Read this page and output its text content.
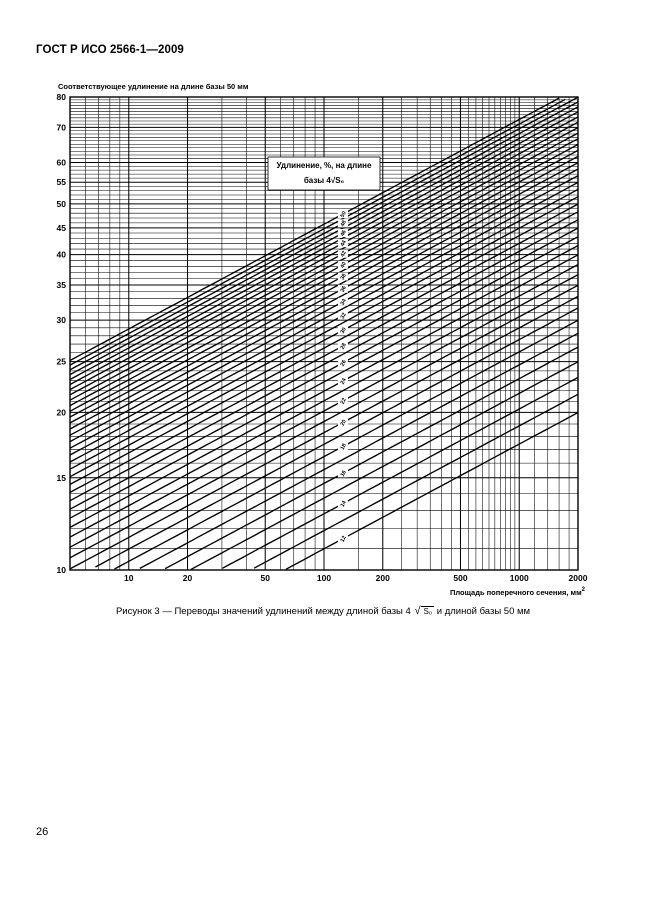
ГОСТ Р ИСО 2566-1—2009
Соответствующее удлинение на длине базы 50 мм
Удлинение, %, на длине
базы 4√S₀
12
14
16
18
20
22
24
26
28
30
32
34
36
38
40
42
44
46
48
50
10
15
20
25
30
35
40
45
50
55
60
70
80
10	20	50	100	200	500	1000	2000
Площадь поперечного сечения, $мм^2$
Рисунок 3 — Переводы значений удлинений между длиной базы 4 √ S₀ и длиной базы 50 мм
26
